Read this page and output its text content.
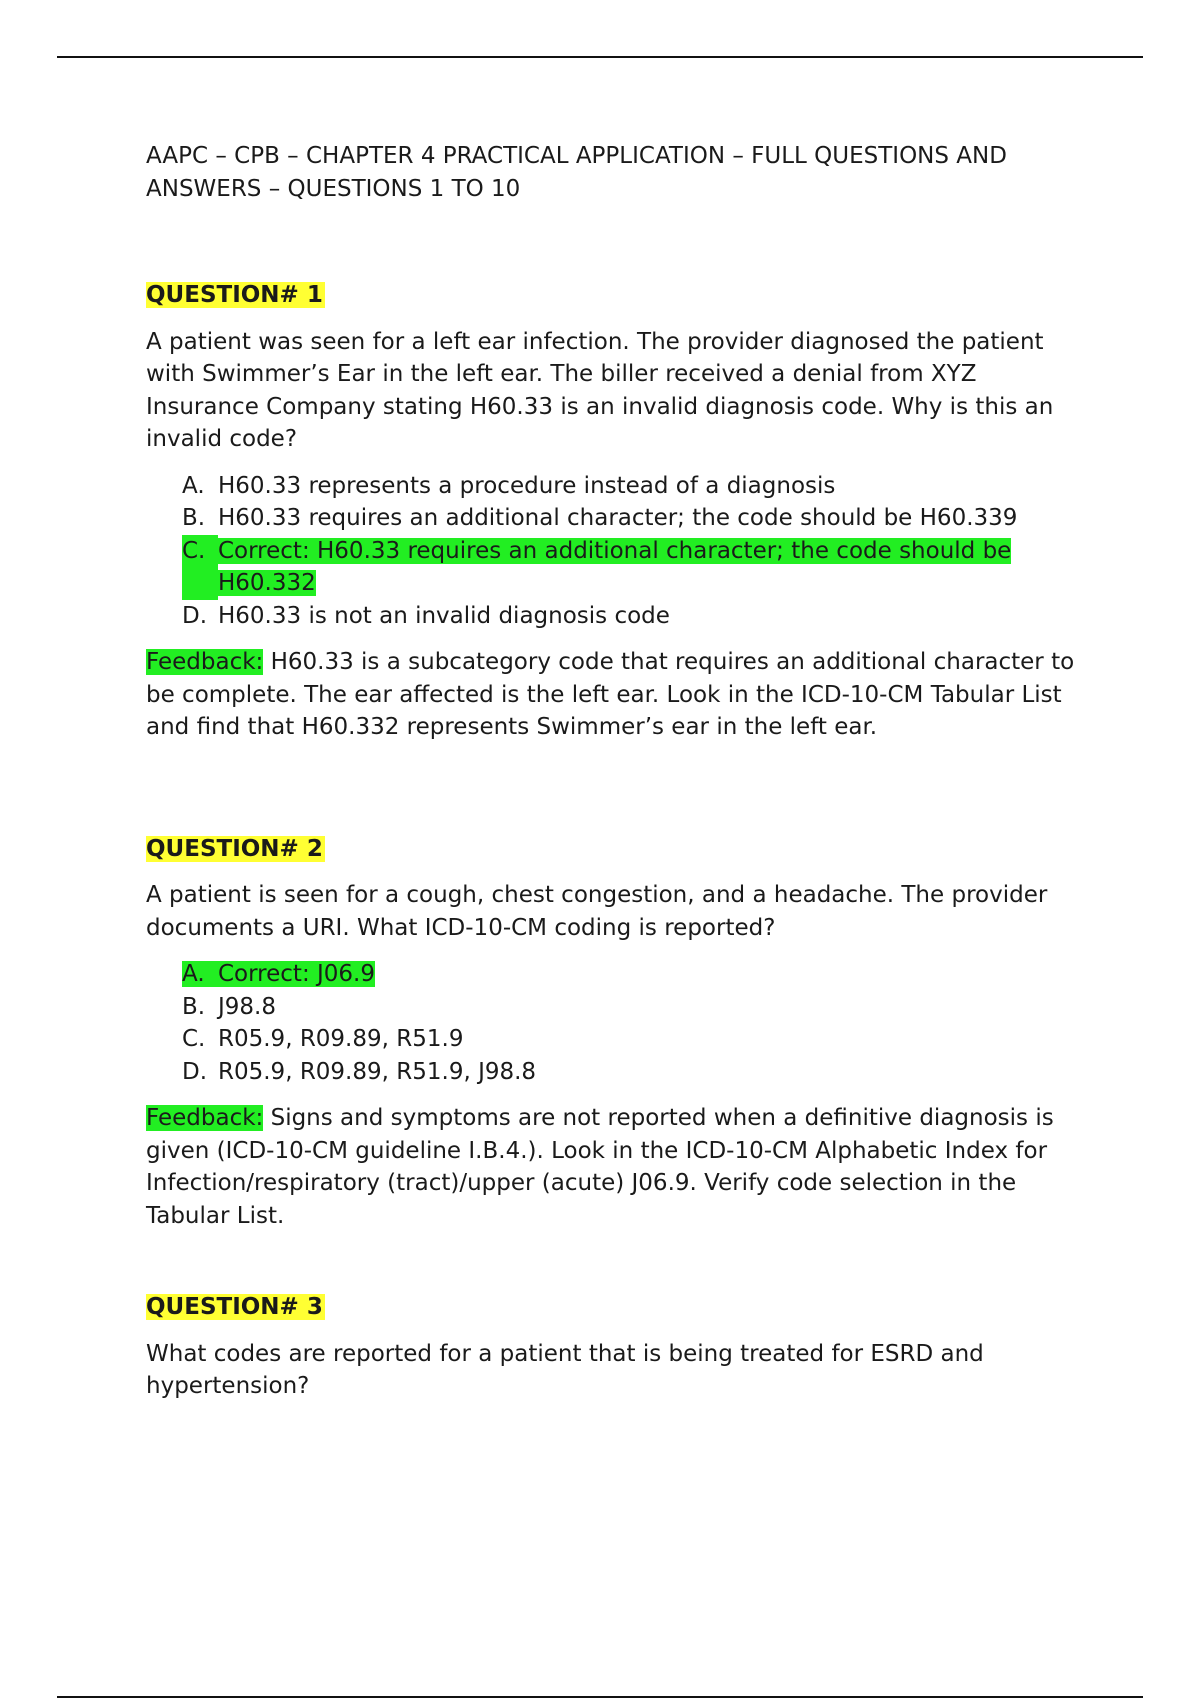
AAPC – CPB – CHAPTER 4 PRACTICAL APPLICATION – FULL QUESTIONS AND ANSWERS – QUESTIONS 1 TO 10

QUESTION# 1

A patient was seen for a left ear infection. The provider diagnosed the patient with Swimmer’s Ear in the left ear. The biller received a denial from XYZ Insurance Company stating H60.33 is an invalid diagnosis code. Why is this an invalid code?

A. H60.33 represents a procedure instead of a diagnosis
B. H60.33 requires an additional character; the code should be H60.339
C. Correct: H60.33 requires an additional character; the code should be H60.332
D. H60.33 is not an invalid diagnosis code

Feedback: H60.33 is a subcategory code that requires an additional character to be complete. The ear affected is the left ear. Look in the ICD-10-CM Tabular List and find that H60.332 represents Swimmer’s ear in the left ear.

QUESTION# 2

A patient is seen for a cough, chest congestion, and a headache. The provider documents a URI. What ICD-10-CM coding is reported?

A. Correct: J06.9
B. J98.8
C. R05.9, R09.89, R51.9
D. R05.9, R09.89, R51.9, J98.8

Feedback: Signs and symptoms are not reported when a definitive diagnosis is given (ICD-10-CM guideline I.B.4.). Look in the ICD-10-CM Alphabetic Index for Infection/respiratory (tract)/upper (acute) J06.9. Verify code selection in the Tabular List.

QUESTION# 3

What codes are reported for a patient that is being treated for ESRD and hypertension?
